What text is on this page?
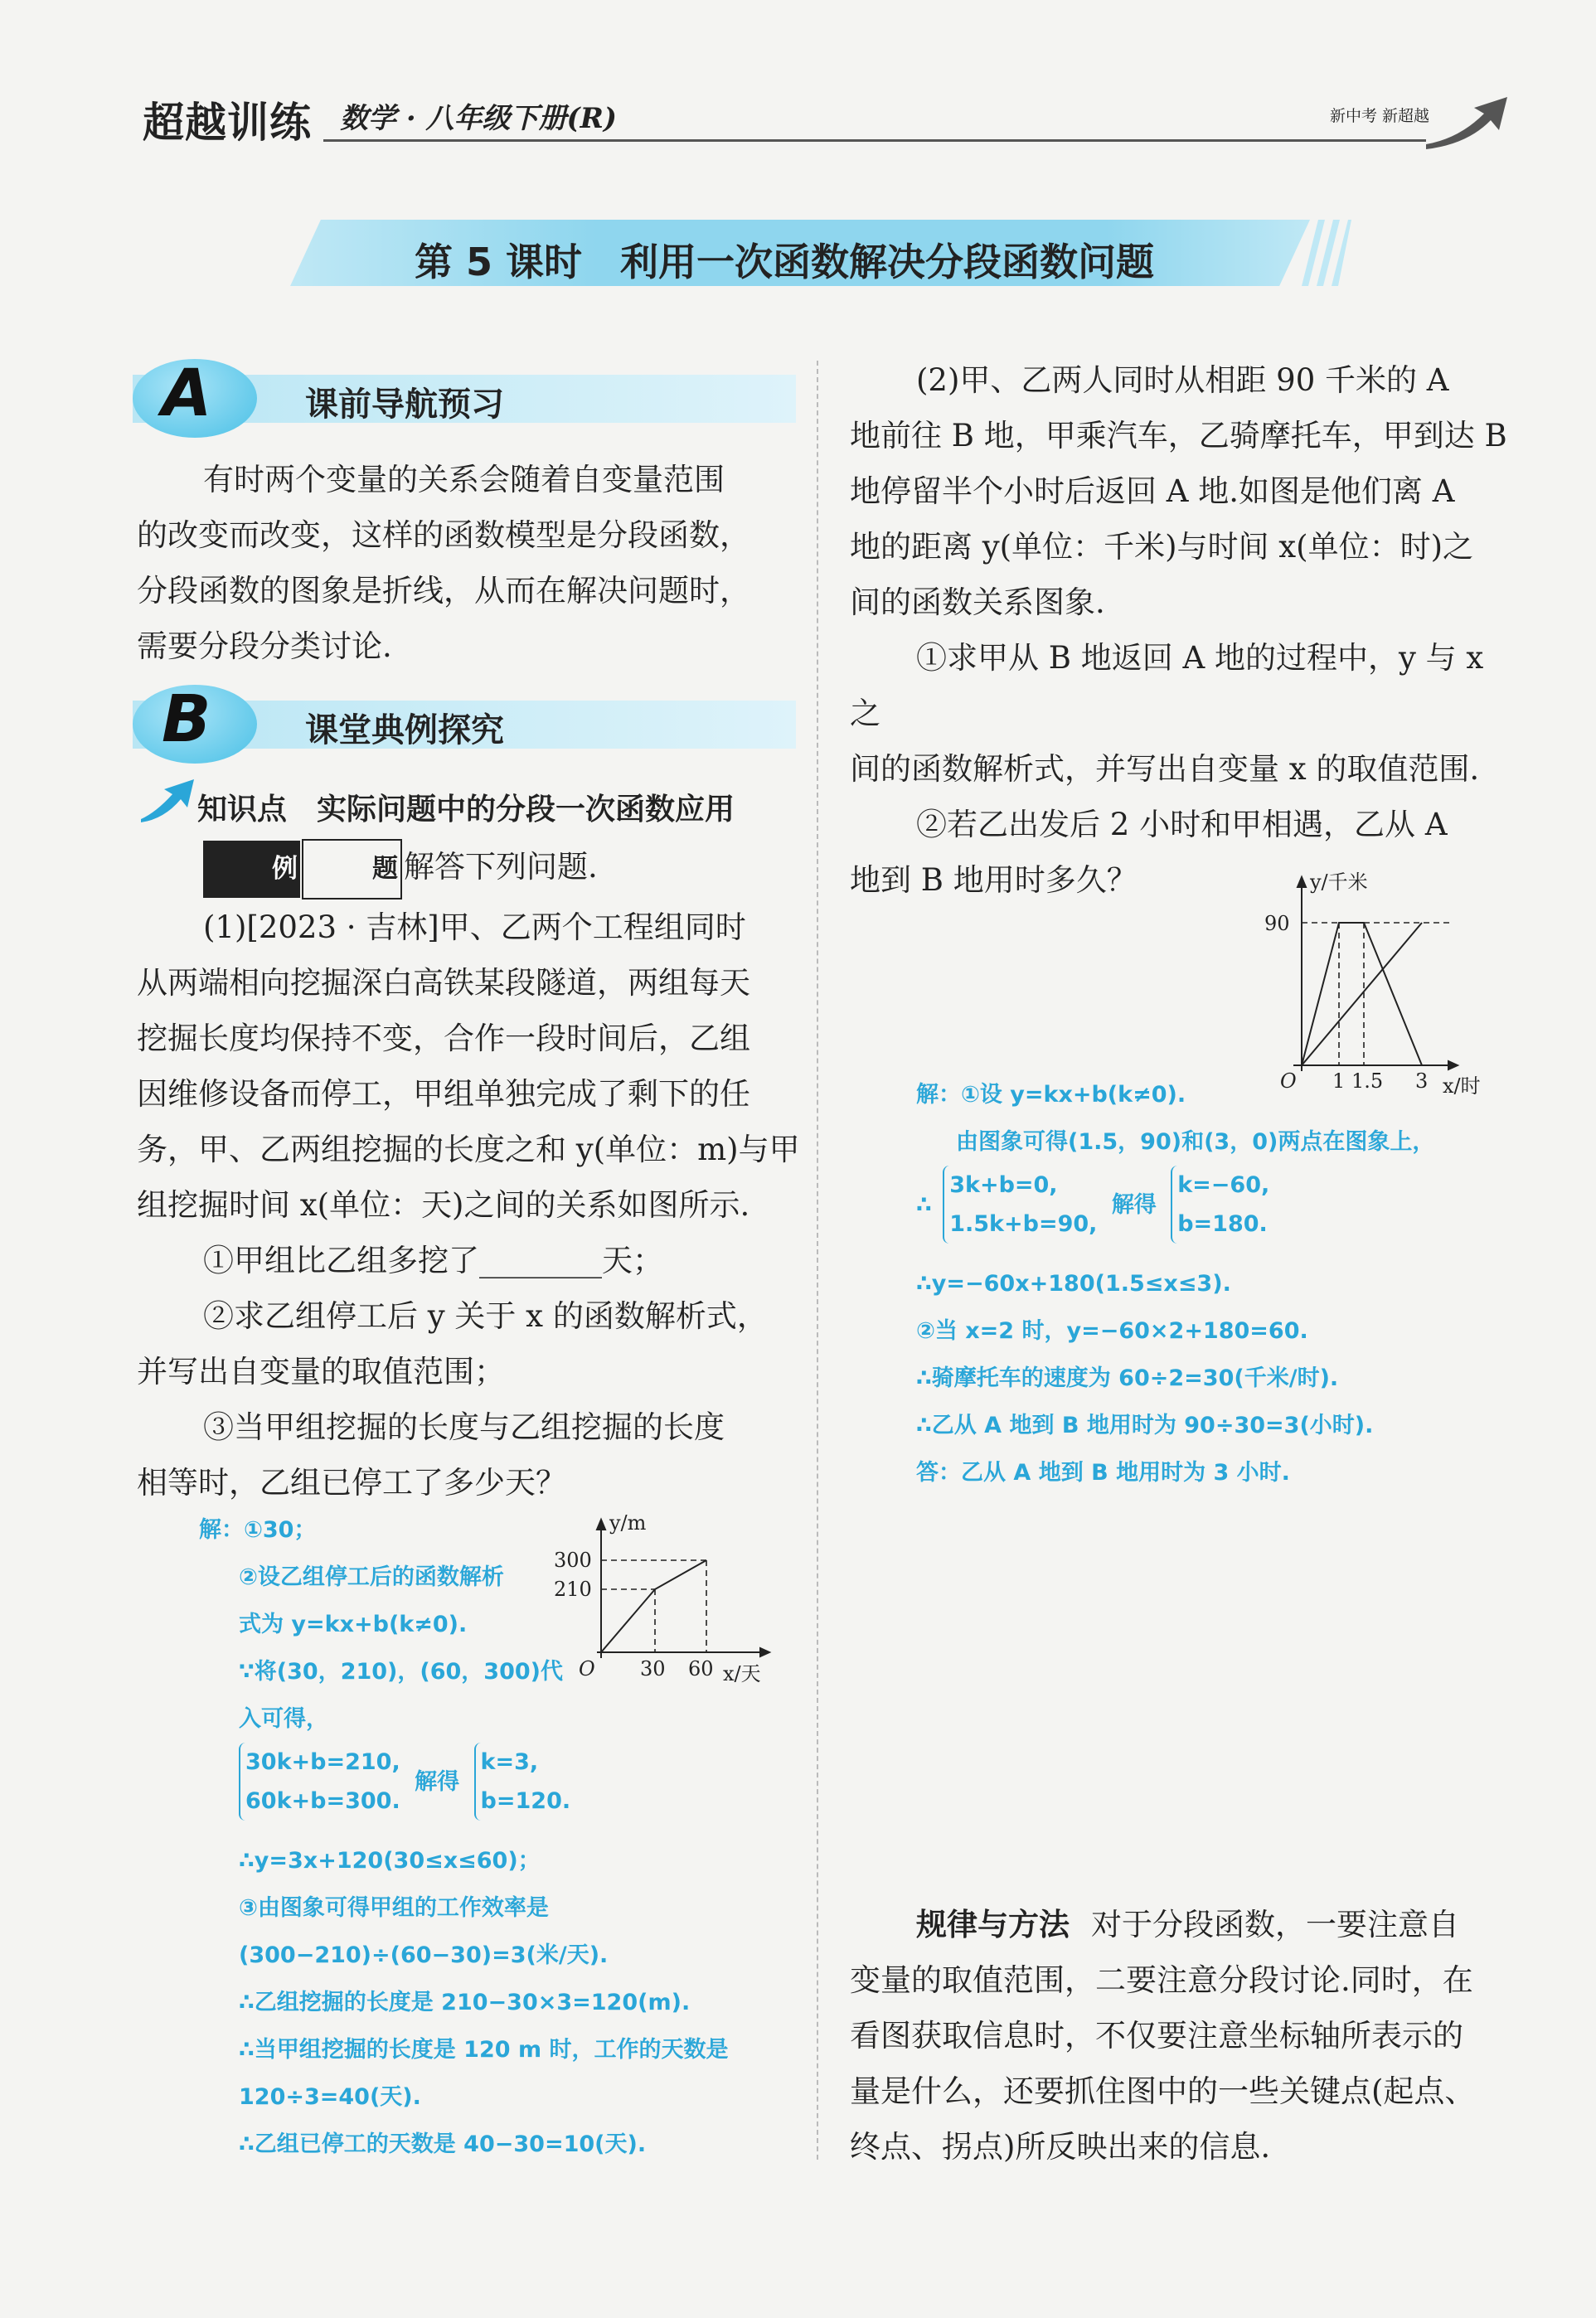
超越训练 数学 · 八年级下册(R)	新中考 新超越
第 5 课时　利用一次函数解决分段函数问题
A	课前导航预习

有时两个变量的关系会随着自变量范围

的改变而改变，这样的函数模型是分段函数，

分段函数的图象是折线，从而在解决问题时，

需要分段分类讨论.

B	课堂典例探究
知识点　实际问题中的分段一次函数应用

例	题 解答下列问题.

(1)[2023 · 吉林]甲、乙两个工程组同时

从两端相向挖掘深白高铁某段隧道，两组每天

挖掘长度均保持不变，合作一段时间后，乙组

因维修设备而停工，甲组单独完成了剩下的任

务，甲、乙两组挖掘的长度之和 y(单位：m)与甲

组挖掘时间 x(单位：天)之间的关系如图所示.

①甲组比乙组多挖了________天；

②求乙组停工后 y 关于 x 的函数解析式，

并写出自变量的取值范围；

③当甲组挖掘的长度与乙组挖掘的长度

相等时，乙组已停工了多少天？

解：①30；

②设乙组停工后的函数解析

式为 y=kx+b(k≠0).

∵将(30，210)，(60，300)代

入可得，

30k+b=210,
60k+b=300. 解得 k=3,
b=120.

∴y=3x+120(30≤x≤60)；

③由图象可得甲组的工作效率是

(300−210)÷(60−30)=3(米/天).

∴乙组挖掘的长度是 210−30×3=120(m).

∴当甲组挖掘的长度是 120 m 时，工作的天数是

120÷3=40(天).

∴乙组已停工的天数是 40−30=10(天).

y/m
300
210
O 30 60 x/天

(2)甲、乙两人同时从相距 90 千米的 A

地前往 B 地，甲乘汽车，乙骑摩托车，甲到达 B

地停留半个小时后返回 A 地.如图是他们离 A

地的距离 y(单位：千米)与时间 x(单位：时)之

间的函数关系图象.

①求甲从 B 地返回 A 地的过程中，y 与 x 之

间的函数解析式，并写出自变量 x 的取值范围.

②若乙出发后 2 小时和甲相遇，乙从 A

地到 B 地用时多久？	y/千米
90
O 1 1.5 3 x/时

解：①设 y=kx+b(k≠0).

由图象可得(1.5，90)和(3，0)两点在图象上，

∴ 3k+b=0,
1.5k+b=90, 解得 k=−60,
b=180.

∴y=−60x+180(1.5≤x≤3).

②当 x=2 时，y=−60×2+180=60.

∴骑摩托车的速度为 60÷2=30(千米/时).

∴乙从 A 地到 B 地用时为 90÷30=3(小时).

答：乙从 A 地到 B 地用时为 3 小时.

规律与方法 对于分段函数，一要注意自

变量的取值范围，二要注意分段讨论.同时，在

看图获取信息时，不仅要注意坐标轴所表示的

量是什么，还要抓住图中的一些关键点(起点、

终点、拐点)所反映出来的信息.
